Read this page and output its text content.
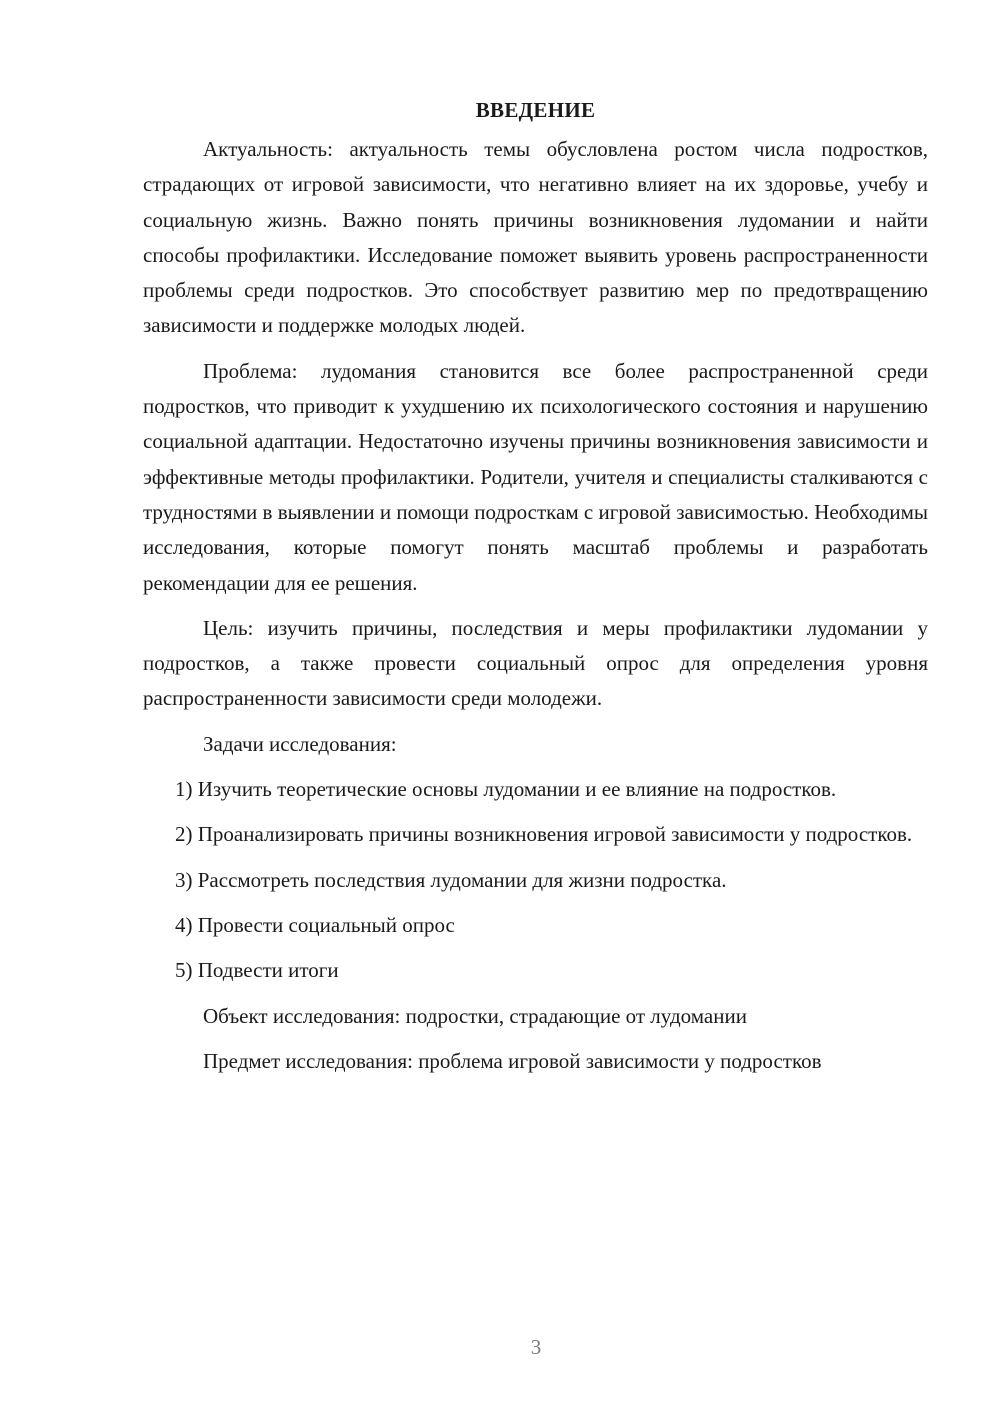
ВВЕДЕНИЕ

Актуальность: актуальность темы обусловлена ростом числа подростков, страдающих от игровой зависимости, что негативно влияет на их здоровье, учебу и социальную жизнь. Важно понять причины возникновения лудомании и найти способы профилактики. Исследование поможет выявить уровень распространенности проблемы среди подростков. Это способствует развитию мер по предотвращению зависимости и поддержке молодых людей.

Проблема: лудомания становится все более распространенной среди подростков, что приводит к ухудшению их психологического состояния и нарушению социальной адаптации. Недостаточно изучены причины возникновения зависимости и эффективные методы профилактики. Родители, учителя и специалисты сталкиваются с трудностями в выявлении и помощи подросткам с игровой зависимостью. Необходимы исследования, которые помогут понять масштаб проблемы и разработать рекомендации для ее решения.

Цель: изучить причины, последствия и меры профилактики лудомании у подростков, а также провести социальный опрос для определения уровня распространенности зависимости среди молодежи.

Задачи исследования:

1) Изучить теоретические основы лудомании и ее влияние на подростков.

2) Проанализировать причины возникновения игровой зависимости у подростков.

3) Рассмотреть последствия лудомании для жизни подростка.

4) Провести социальный опрос

5) Подвести итоги

Объект исследования: подростки, страдающие от лудомании

Предмет исследования: проблема игровой зависимости у подростков

3
